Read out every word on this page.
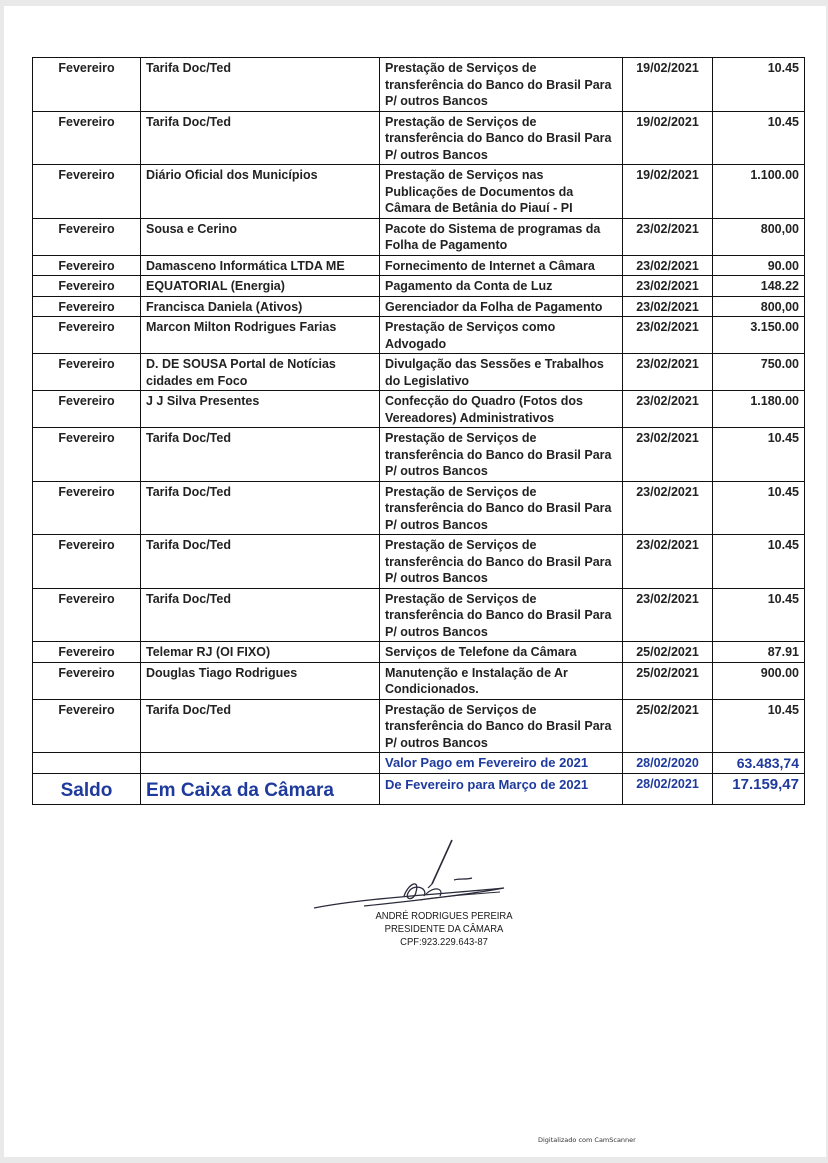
Fevereiro	Tarifa Doc/Ted	Prestação de Serviços de transferência do Banco do Brasil Para P/ outros Bancos	19/02/2021	10.45
Fevereiro	Tarifa Doc/Ted	Prestação de Serviços de transferência do Banco do Brasil Para P/ outros Bancos	19/02/2021	10.45
Fevereiro	Diário Oficial dos Municípios	Prestação de Serviços nas Publicações de Documentos da Câmara de Betânia do Piauí - PI	19/02/2021	1.100.00
Fevereiro	Sousa e Cerino	Pacote do Sistema de programas da Folha de Pagamento	23/02/2021	800,00
Fevereiro	Damasceno Informática LTDA ME	Fornecimento de Internet a Câmara	23/02/2021	90.00
Fevereiro	EQUATORIAL (Energia)	Pagamento da Conta de Luz	23/02/2021	148.22
Fevereiro	Francisca Daniela (Ativos)	Gerenciador da Folha de Pagamento	23/02/2021	800,00
Fevereiro	Marcon Milton Rodrigues Farias	Prestação de Serviços como Advogado	23/02/2021	3.150.00
Fevereiro	D. DE SOUSA Portal de Notícias cidades em Foco	Divulgação das Sessões e Trabalhos do Legislativo	23/02/2021	750.00
Fevereiro	J J Silva Presentes	Confecção do Quadro (Fotos dos Vereadores) Administrativos	23/02/2021	1.180.00
Fevereiro	Tarifa Doc/Ted	Prestação de Serviços de transferência do Banco do Brasil Para P/ outros Bancos	23/02/2021	10.45
Fevereiro	Tarifa Doc/Ted	Prestação de Serviços de transferência do Banco do Brasil Para P/ outros Bancos	23/02/2021	10.45
Fevereiro	Tarifa Doc/Ted	Prestação de Serviços de transferência do Banco do Brasil Para P/ outros Bancos	23/02/2021	10.45
Fevereiro	Tarifa Doc/Ted	Prestação de Serviços de transferência do Banco do Brasil Para P/ outros Bancos	23/02/2021	10.45
Fevereiro	Telemar RJ (OI FIXO)	Serviços de Telefone da Câmara	25/02/2021	87.91
Fevereiro	Douglas Tiago Rodrigues	Manutenção e Instalação de Ar Condicionados.	25/02/2021	900.00
Fevereiro	Tarifa Doc/Ted	Prestação de Serviços de transferência do Banco do Brasil Para P/ outros Bancos	25/02/2021	10.45
		Valor Pago em Fevereiro de 2021	28/02/2020	63.483,74
Saldo	Em Caixa da Câmara	De Fevereiro para Março de 2021	28/02/2021	17.159,47
ANDRÉ RODRIGUES PEREIRA
PRESIDENTE DA CÂMARA
CPF:923.229.643-87
Digitalizado com CamScanner
